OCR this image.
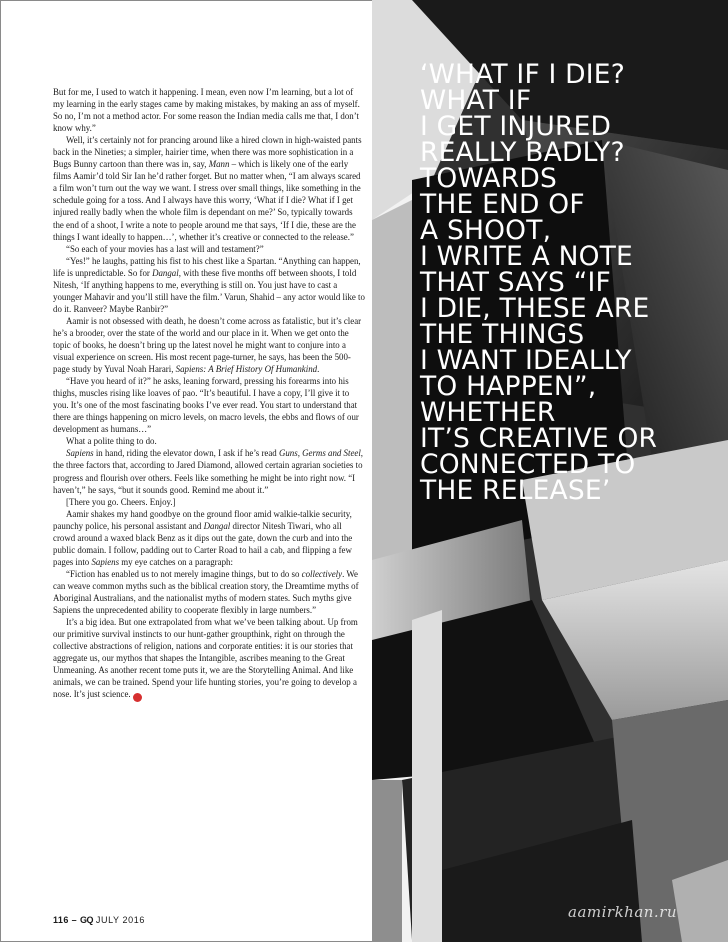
But for me, I used to watch it happening. I mean, even now I’m learning, but a lot of my learning in the early stages came by making mistakes, by making an ass of myself. So no, I’m not a method actor. For some reason the Indian media calls me that, I don’t know why.”

Well, it’s certainly not for prancing around like a hired clown in high-waisted pants back in the Nineties; a simpler, hairier time, when there was more sophistication in a Bugs Bunny cartoon than there was in, say, Mann – which is likely one of the early films Aamir’d told Sir Ian he’d rather forget. But no matter when, “I am always scared a film won’t turn out the way we want. I stress over small things, like something in the schedule going for a toss. And I always have this worry, ‘What if I die? What if I get injured really badly when the whole film is dependant on me?’ So, typically towards the end of a shoot, I write a note to people around me that says, ‘If I die, these are the things I want ideally to happen…’, whether it’s creative or connected to the release.”

“So each of your movies has a last will and testament?”

“Yes!” he laughs, patting his fist to his chest like a Spartan. “Anything can happen, life is unpredictable. So for Dangal, with these five months off between shoots, I told Nitesh, ‘If anything happens to me, everything is still on. You just have to cast a younger Mahavir and you’ll still have the film.’ Varun, Shahid – any actor would like to do it. Ranveer? Maybe Ranbir?”

Aamir is not obsessed with death, he doesn’t come across as fatalistic, but it’s clear he’s a brooder, over the state of the world and our place in it. When we get onto the topic of books, he doesn’t bring up the latest novel he might want to conjure into a visual experience on screen. His most recent page-turner, he says, has been the 500-page study by Yuval Noah Harari, Sapiens: A Brief History Of Humankind.

“Have you heard of it?” he asks, leaning forward, pressing his forearms into his thighs, muscles rising like loaves of pao. “It’s beautiful. I have a copy, I’ll give it to you. It’s one of the most fascinating books I’ve ever read. You start to understand that there are things happening on micro levels, on macro levels, the ebbs and flows of our development as humans…”

What a polite thing to do.

Sapiens in hand, riding the elevator down, I ask if he’s read Guns, Germs and Steel, the three factors that, according to Jared Diamond, allowed certain agrarian societies to progress and flourish over others. Feels like something he might be into right now. “I haven’t,” he says, “but it sounds good. Remind me about it.”

[There you go. Cheers. Enjoy.]

Aamir shakes my hand goodbye on the ground floor amid walkie-talkie security, paunchy police, his personal assistant and Dangal director Nitesh Tiwari, who all crowd around a waxed black Benz as it dips out the gate, down the curb and into the public domain. I follow, padding out to Carter Road to hail a cab, and flipping a few pages into Sapiens my eye catches on a paragraph:

“Fiction has enabled us to not merely imagine things, but to do so collectively. We can weave common myths such as the biblical creation story, the Dreamtime myths of Aboriginal Australians, and the nationalist myths of modern states. Such myths give Sapiens the unprecedented ability to cooperate flexibly in large numbers.”

It’s a big idea. But one extrapolated from what we’ve been talking about. Up from our primitive survival instincts to our hunt-gather groupthink, right on through the collective abstractions of religion, nations and corporate entities: it is our stories that aggregate us, our mythos that shapes the Intangible, ascribes meaning to the Great Unmeaning. As another recent tome puts it, we are the Storytelling Animal. And like animals, we can be trained. Spend your life hunting stories, you’re going to develop a nose. It’s just science.	GQ

116 – GQ JULY 2016
‘WHAT IF I DIE?
WHAT IF
I GET INJURED
REALLY BADLY?
TOWARDS
THE END OF
A SHOOT,
I WRITE A NOTE
THAT SAYS “IF
I DIE, THESE ARE
THE THINGS
I WANT IDEALLY
TO HAPPEN”,
WHETHER
IT’S CREATIVE OR
CONNECTED TO
THE RELEASE’
aamirkhan.ru
